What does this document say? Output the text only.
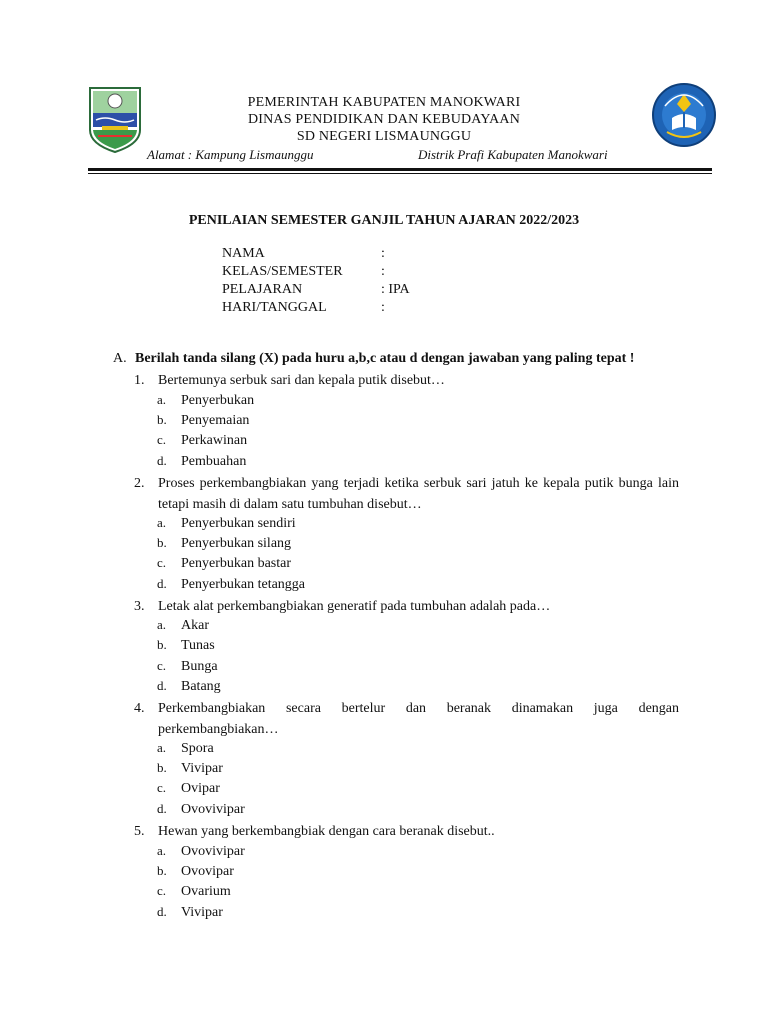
PEMERINTAH KABUPATEN MANOKWARI
DINAS PENDIDIKAN DAN KEBUDAYAAN
SD NEGERI LISMAUNGGU
Alamat : Kampung Lismaunggu	Distrik Prafi Kabupaten Manokwari
PENILAIAN SEMESTER GANJIL TAHUN AJARAN 2022/2023
NAMA	:
KELAS/SEMESTER	:
PELAJARAN	: IPA
HARI/TANGGAL	:
A. Berilah tanda silang (X) pada huru a,b,c atau d dengan jawaban yang paling tepat !
1. Bertemunya serbuk sari dan kepala putik disebut…
a. Penyerbukan
b. Penyemaian
c. Perkawinan
d. Pembuahan
2. Proses perkembangbiakan yang terjadi ketika serbuk sari jatuh ke kepala putik bunga lain tetapi masih di dalam satu tumbuhan disebut…
a. Penyerbukan sendiri
b. Penyerbukan silang
c. Penyerbukan bastar
d. Penyerbukan tetangga
3. Letak alat perkembangbiakan generatif pada tumbuhan adalah pada…
a. Akar
b. Tunas
c. Bunga
d. Batang
4. Perkembangbiakan secara bertelur dan beranak dinamakan juga dengan perkembangbiakan…
a. Spora
b. Vivipar
c. Ovipar
d. Ovovivipar
5. Hewan yang berkembangbiak dengan cara beranak disebut..
a. Ovovivipar
b. Ovovipar
c. Ovarium
d. Vivipar
